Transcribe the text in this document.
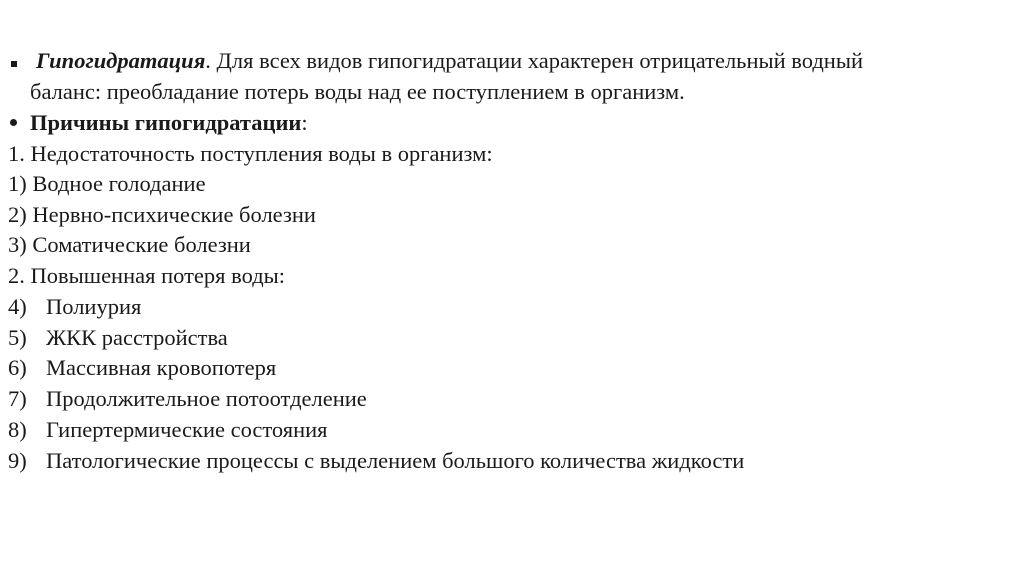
Гипогидратация. Для всех видов гипогидратации характерен отрицательный водный
баланс: преобладание потерь воды над ее поступлением в организм.
Причины гипогидратации:
1. Недостаточность поступления воды в организм:
1) Водное голодание
2) Нервно-психические болезни
3) Соматические болезни
2. Повышенная потеря воды:
4) Полиурия
5) ЖКК расстройства
6) Массивная кровопотеря
7) Продолжительное потоотделение
8) Гипертермические состояния
9) Патологические процессы с выделением большого количества жидкости
